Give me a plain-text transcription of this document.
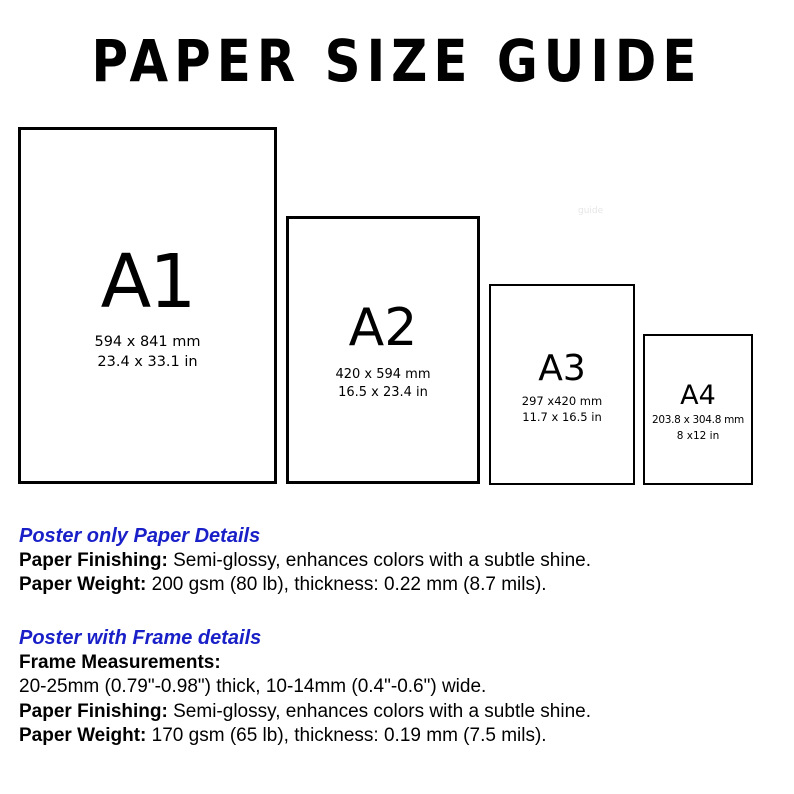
PAPER SIZE GUIDE
guide
A1
594 x 841 mm
23.4 x 33.1 in
A2
420 x 594 mm
16.5 x 23.4 in
A3
297 x420 mm
11.7 x 16.5 in
A4
203.8 x 304.8 mm
8 x12 in
Poster only Paper Details
Paper Finishing: Semi-glossy, enhances colors with a subtle shine.
Paper Weight: 200 gsm (80 lb), thickness: 0.22 mm (8.7 mils).
Poster with Frame details
Frame Measurements:
20-25mm (0.79"-0.98") thick, 10-14mm (0.4"-0.6") wide.
Paper Finishing: Semi-glossy, enhances colors with a subtle shine.
Paper Weight: 170 gsm (65 lb), thickness: 0.19 mm (7.5 mils).
